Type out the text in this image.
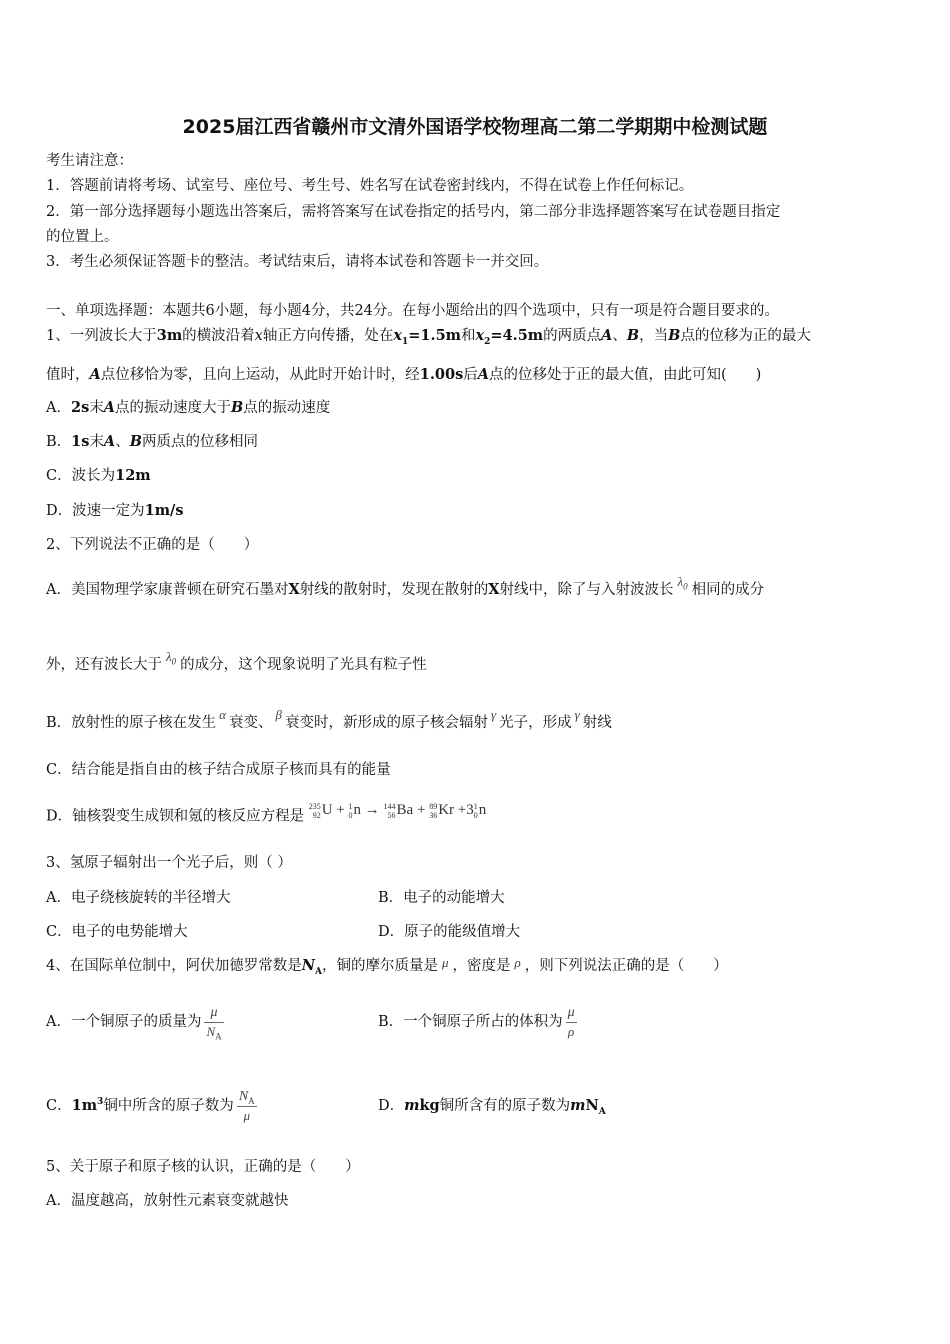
2025届江西省赣州市文清外国语学校物理高二第二学期期中检测试题
考生请注意：
1．答题前请将考场、试室号、座位号、考生号、姓名写在试卷密封线内，不得在试卷上作任何标记。
2．第一部分选择题每小题选出答案后，需将答案写在试卷指定的括号内，第二部分非选择题答案写在试卷题目指定
的位置上。
3．考生必须保证答题卡的整洁。考试结束后，请将本试卷和答题卡一并交回。
一、单项选择题：本题共6小题，每小题4分，共24分。在每小题给出的四个选项中，只有一项是符合题目要求的。
1、一列波长大于3m的横波沿着x轴正方向传播，处在$x_1=1.5m$和$x_2=4.5m$的两质点A、B，当B点的位移为正的最大
值时，A点位移恰为零，且向上运动，从此时开始计时，经1.00s后A点的位移处于正的最大值，由此可知(　　)
A．2s末A点的振动速度大于B点的振动速度
B．1s末A、B两质点的位移相同
C．波长为12m
D．波速一定为1m/s
2、下列说法不正确的是（　　）
A．美国物理学家康普顿在研究石墨对X射线的散射时，发现在散射的X射线中，除了与入射波波长$\lambda_0$ 相同的成分
外，还有波长大于$\lambda_0$ 的成分，这个现象说明了光具有粒子性
B．放射性的原子核在发生α衰变、β衰变时，新形成的原子核会辐射γ光子，形成γ射线
C．结合能是指自由的核子结合成原子核而具有的能量
D．铀核裂变生成钡和氪的核反应方程是 235
92U + 1
0n → 144
56Ba + 89
36Kr +31
0n
3、氢原子辐射出一个光子后，则（ ）
A．电子绕核旋转的半径增大	B．电子的动能增大
C．电子的电势能增大	D．原子的能级值增大
4、在国际单位制中，阿伏加德罗常数是$N_A$，铜的摩尔质量是 μ ，密度是 ρ ，则下列说法正确的是（　　）
A．一个铜原子的质量为 $\frac{\mu}{N_A}$	B．一个铜原子所占的体积为 $\frac{\mu}{\rho}$
C．$1m^3$铜中所含的原子数为 $\frac{N_A}{\mu}$	D．mkg铜所含有的原子数为$mN_A$
5、关于原子和原子核的认识，正确的是（　　）
A．温度越高，放射性元素衰变就越快
